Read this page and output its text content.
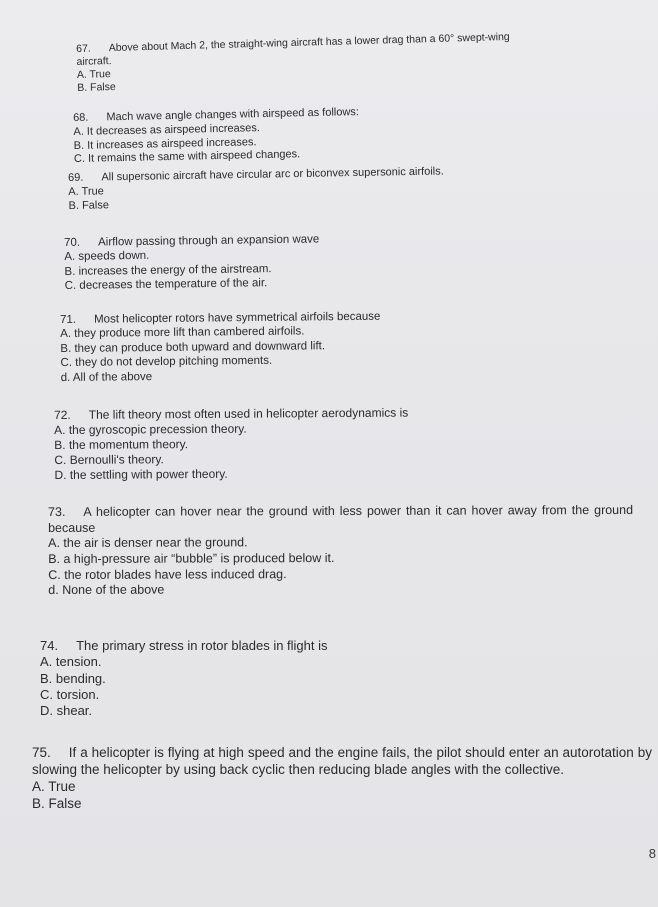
67. Above about Mach 2, the straight-wing aircraft has a lower drag than a 60° swept-wing

aircraft.

A. True

B. False

68. Mach wave angle changes with airspeed as follows:

A. It decreases as airspeed increases.

B. It increases as airspeed increases.

C. It remains the same with airspeed changes.

69. All supersonic aircraft have circular arc or biconvex supersonic airfoils.

A. True

B. False

70. Airflow passing through an expansion wave

A. speeds down.

B. increases the energy of the airstream.

C. decreases the temperature of the air.

71. Most helicopter rotors have symmetrical airfoils because

A. they produce more lift than cambered airfoils.

B. they can produce both upward and downward lift.

C. they do not develop pitching moments.

d. All of the above

72. The lift theory most often used in helicopter aerodynamics is

A. the gyroscopic precession theory.

B. the momentum theory.

C. Bernoulli's theory.

D. the settling with power theory.

73. A helicopter can hover near the ground with less power than it can hover away from the ground because

A. the air is denser near the ground.

B. a high-pressure air “bubble” is produced below it.

C. the rotor blades have less induced drag.

d. None of the above

74. The primary stress in rotor blades in flight is

A. tension.

B. bending.

C. torsion.

D. shear.

75. If a helicopter is flying at high speed and the engine fails, the pilot should enter an autorotation by slowing the helicopter by using back cyclic then reducing blade angles with the collective.

A. True

B. False

8
